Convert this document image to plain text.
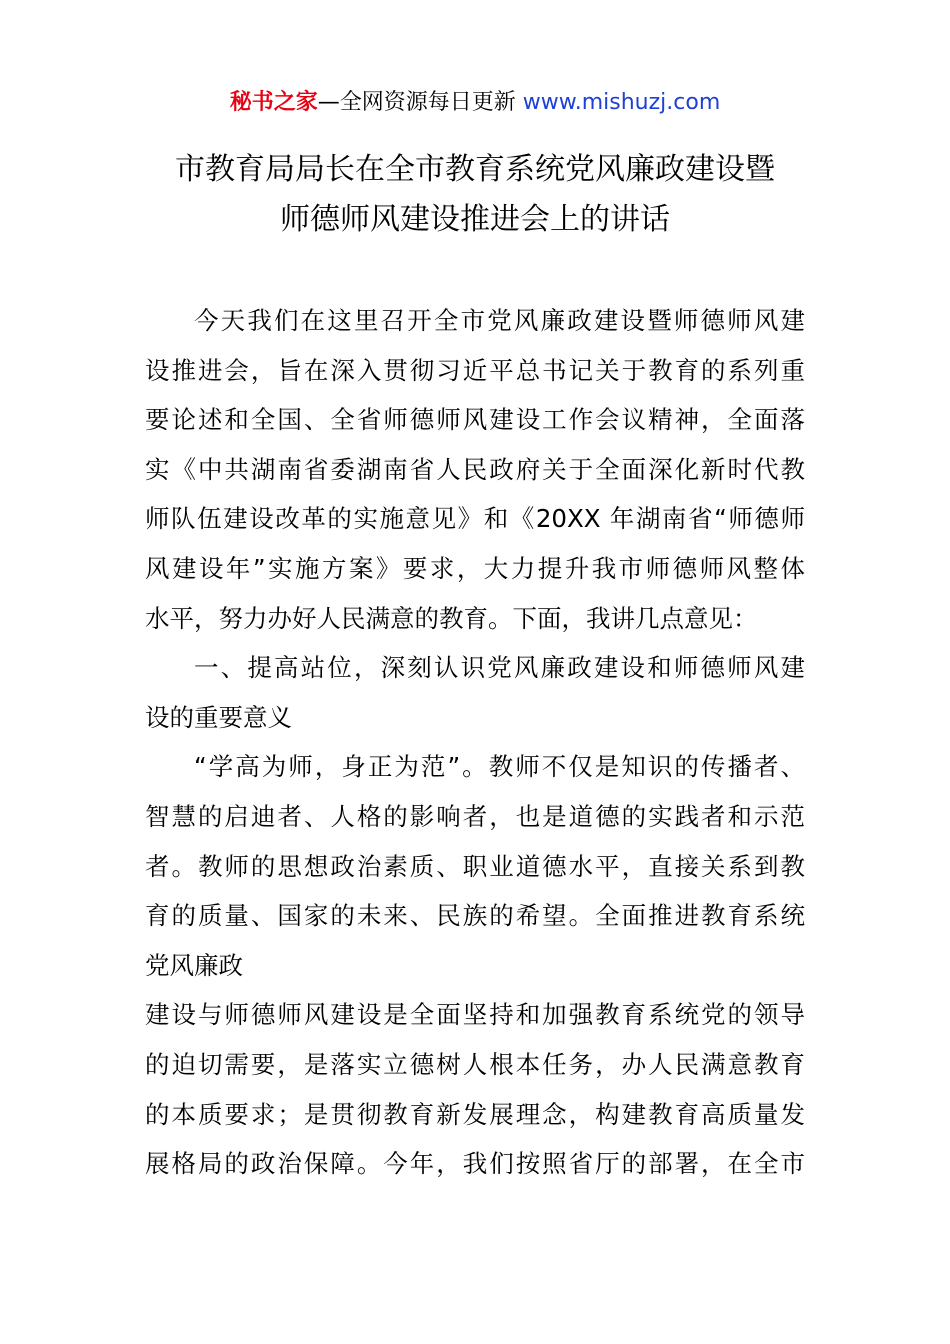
秘书之家—全网资源每日更新 www.mishuzj.com
市教育局局长在全市教育系统党风廉政建设暨
师德师风建设推进会上的讲话
今天我们在这里召开全市党风廉政建设暨师德师风建
设推进会，旨在深入贯彻习近平总书记关于教育的系列重
要论述和全国、全省师德师风建设工作会议精神，全面落
实《中共湖南省委湖南省人民政府关于全面深化新时代教
师队伍建设改革的实施意见》和《20XX 年湖南省“师德师
风建设年”实施方案》要求，大力提升我市师德师风整体
水平，努力办好人民满意的教育。下面，我讲几点意见：
一、提高站位，深刻认识党风廉政建设和师德师风建
设的重要意义
“学高为师，身正为范”。教师不仅是知识的传播者、
智慧的启迪者、人格的影响者，也是道德的实践者和示范
者。教师的思想政治素质、职业道德水平，直接关系到教
育的质量、国家的未来、民族的希望。全面推进教育系统
党风廉政
建设与师德师风建设是全面坚持和加强教育系统党的领导
的迫切需要，是落实立德树人根本任务，办人民满意教育
的本质要求；是贯彻教育新发展理念，构建教育高质量发
展格局的政治保障。今年，我们按照省厅的部署，在全市
